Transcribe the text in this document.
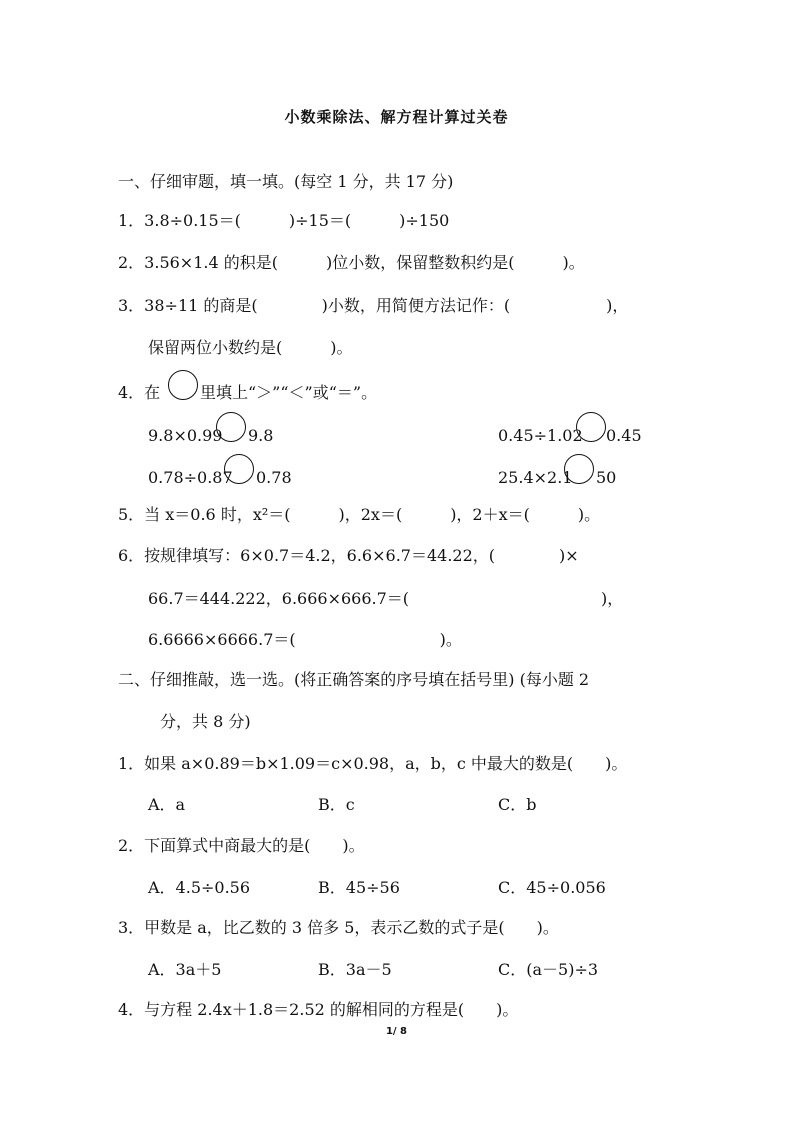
小数乘除法、解方程计算过关卷
一、仔细审题，填一填。(每空 1 分，共 17 分)
1．3.8÷0.15＝(　　　)÷15＝(　　　)÷150
2．3.56×1.4 的积是(　　　)位小数，保留整数积约是(　　　)。
3．38÷11 的商是(　　　　)小数，用简便方法记作：(　　　　　　)，
保留两位小数约是(　　　)。
4．在 里填上“＞”“＜”或“＝”。
9.8×0.99 9.8	0.45÷1.02 0.45
0.78÷0.87 0.78	25.4×2.1 50
5．当 x＝0.6 时，x²＝(　　　)，2x＝(　　　)，2＋x＝(　　　)。
6．按规律填写：6×0.7＝4.2，6.6×6.7＝44.22，(　　　　)×
66.7＝444.222，6.666×666.7＝(　　　　　　　　　　　　)，
6.6666×6666.7＝(　　　　　　　　　)。
二、仔细推敲，选一选。(将正确答案的序号填在括号里) (每小题 2
分，共 8 分)
1．如果 a×0.89＝b×1.09＝c×0.98，a，b，c 中最大的数是(　　)。
A．a	B．c	C．b
2．下面算式中商最大的是(　　)。
A．4.5÷0.56	B．45÷56	C．45÷0.056
3．甲数是 a，比乙数的 3 倍多 5，表示乙数的式子是(　　)。
A．3a＋5	B．3a－5	C．(a－5)÷3
4．与方程 2.4x＋1.8＝2.52 的解相同的方程是(　　)。
1/ 8
